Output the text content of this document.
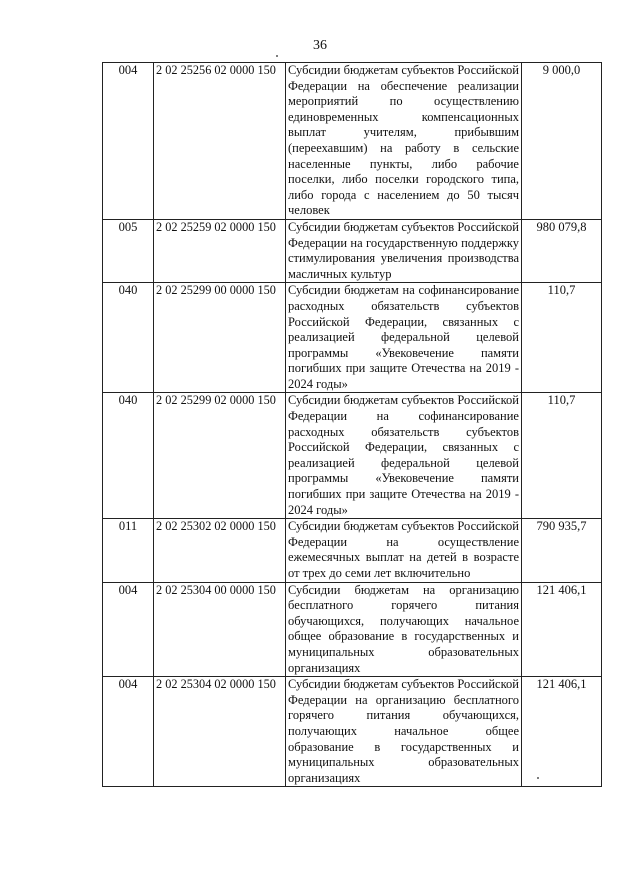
36
004	2 02 25256 02 0000 150	Субсидии бюджетам субъектов Российской Федерации на обеспечение реализации мероприятий по осуществлению единовременных компенсационных выплат учителям, прибывшим (переехавшим) на работу в сельские населенные пункты, либо рабочие поселки, либо поселки городского типа, либо города с населением до 50 тысяч человек	9 000,0
005	2 02 25259 02 0000 150	Субсидии бюджетам субъектов Российской Федерации на государственную поддержку стимулирования увеличения производства масличных культур	980 079,8
040	2 02 25299 00 0000 150	Субсидии бюджетам на софинансирование расходных обязательств субъектов Российской Федерации, связанных с реализацией федеральной целевой программы «Увековечение памяти погибших при защите Отечества на 2019 - 2024 годы»	110,7
040	2 02 25299 02 0000 150	Субсидии бюджетам субъектов Российской Федерации на софинансирование расходных обязательств субъектов Российской Федерации, связанных с реализацией федеральной целевой программы «Увековечение памяти погибших при защите Отечества на 2019 - 2024 годы»	110,7
011	2 02 25302 02 0000 150	Субсидии бюджетам субъектов Российской Федерации на осуществление ежемесячных выплат на детей в возрасте от трех до семи лет включительно	790 935,7
004	2 02 25304 00 0000 150	Субсидии бюджетам на организацию бесплатного горячего питания обучающихся, получающих начальное общее образование в государственных и муниципальных образовательных организациях	121 406,1
004	2 02 25304 02 0000 150	Субсидии бюджетам субъектов Российской Федерации на организацию бесплатного горячего питания обучающихся, получающих начальное общее образование в государственных и муниципальных образовательных организациях	121 406,1
